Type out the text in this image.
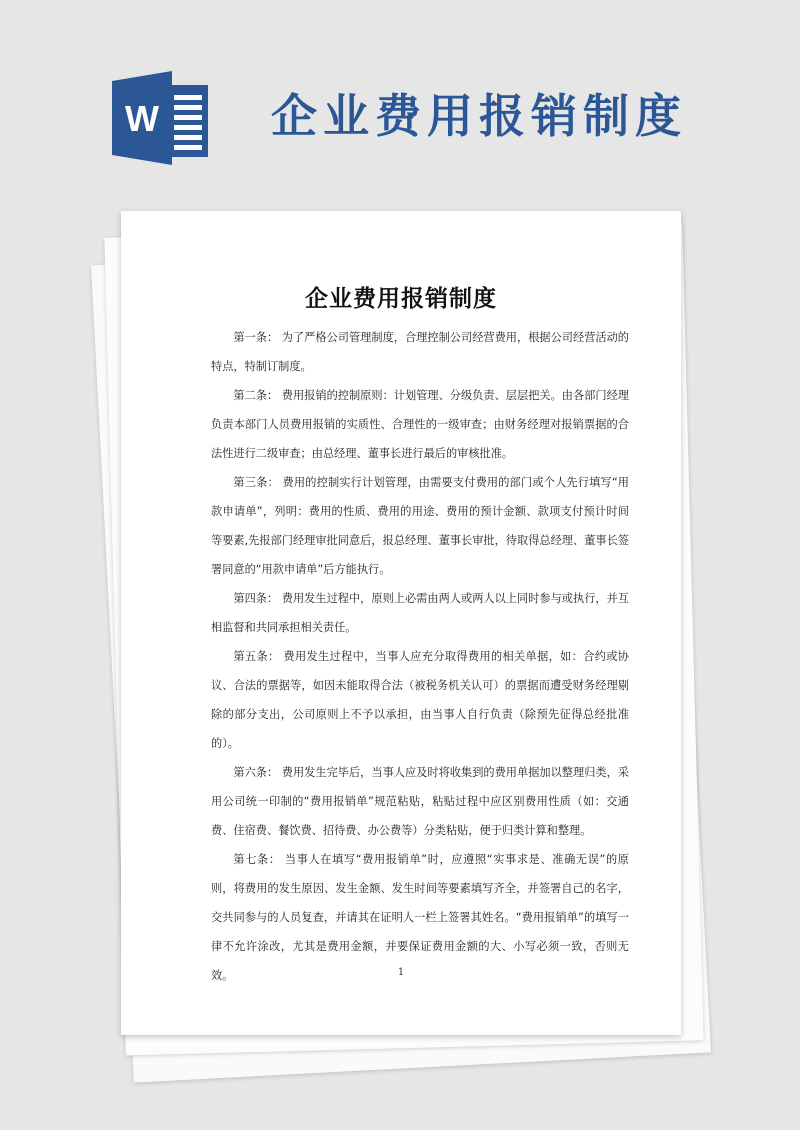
W 企业费用报销制度
企业费用报销制度

第一条： 为了严格公司管理制度，合理控制公司经营费用，根据公司经营活动的特点，特制订制度。

第二条： 费用报销的控制原则：计划管理、分级负责、层层把关。由各部门经理负责本部门人员费用报销的实质性、合理性的一级审查；由财务经理对报销票据的合法性进行二级审查；由总经理、董事长进行最后的审核批准。

第三条： 费用的控制实行计划管理，由需要支付费用的部门或个人先行填写“用款申请单”，列明：费用的性质、费用的用途、费用的预计金额、款项支付预计时间等要素,先报部门经理审批同意后，报总经理、董事长审批，待取得总经理、董事长签署同意的“用款申请单”后方能执行。

第四条： 费用发生过程中，原则上必需由两人或两人以上同时参与或执行，并互相监督和共同承担相关责任。

第五条： 费用发生过程中，当事人应充分取得费用的相关单据，如：合约或协议、合法的票据等，如因未能取得合法（被税务机关认可）的票据而遭受财务经理剔除的部分支出，公司原则上不予以承担，由当事人自行负责（除预先征得总经批准的）。

第六条： 费用发生完毕后，当事人应及时将收集到的费用单据加以整理归类，采用公司统一印制的“费用报销单”规范粘贴，粘贴过程中应区别费用性质（如：交通费、住宿费、餐饮费、招待费、办公费等）分类粘贴，便于归类计算和整理。

第七条： 当事人在填写“费用报销单”时，应遵照“实事求是、准确无误”的原则，将费用的发生原因、发生金额、发生时间等要素填写齐全，并签署自己的名字，交共同参与的人员复查，并请其在证明人一栏上签署其姓名。“费用报销单”的填写一律不允许涂改，尤其是费用金额，并要保证费用金额的大、小写必须一致，否则无效。	1
